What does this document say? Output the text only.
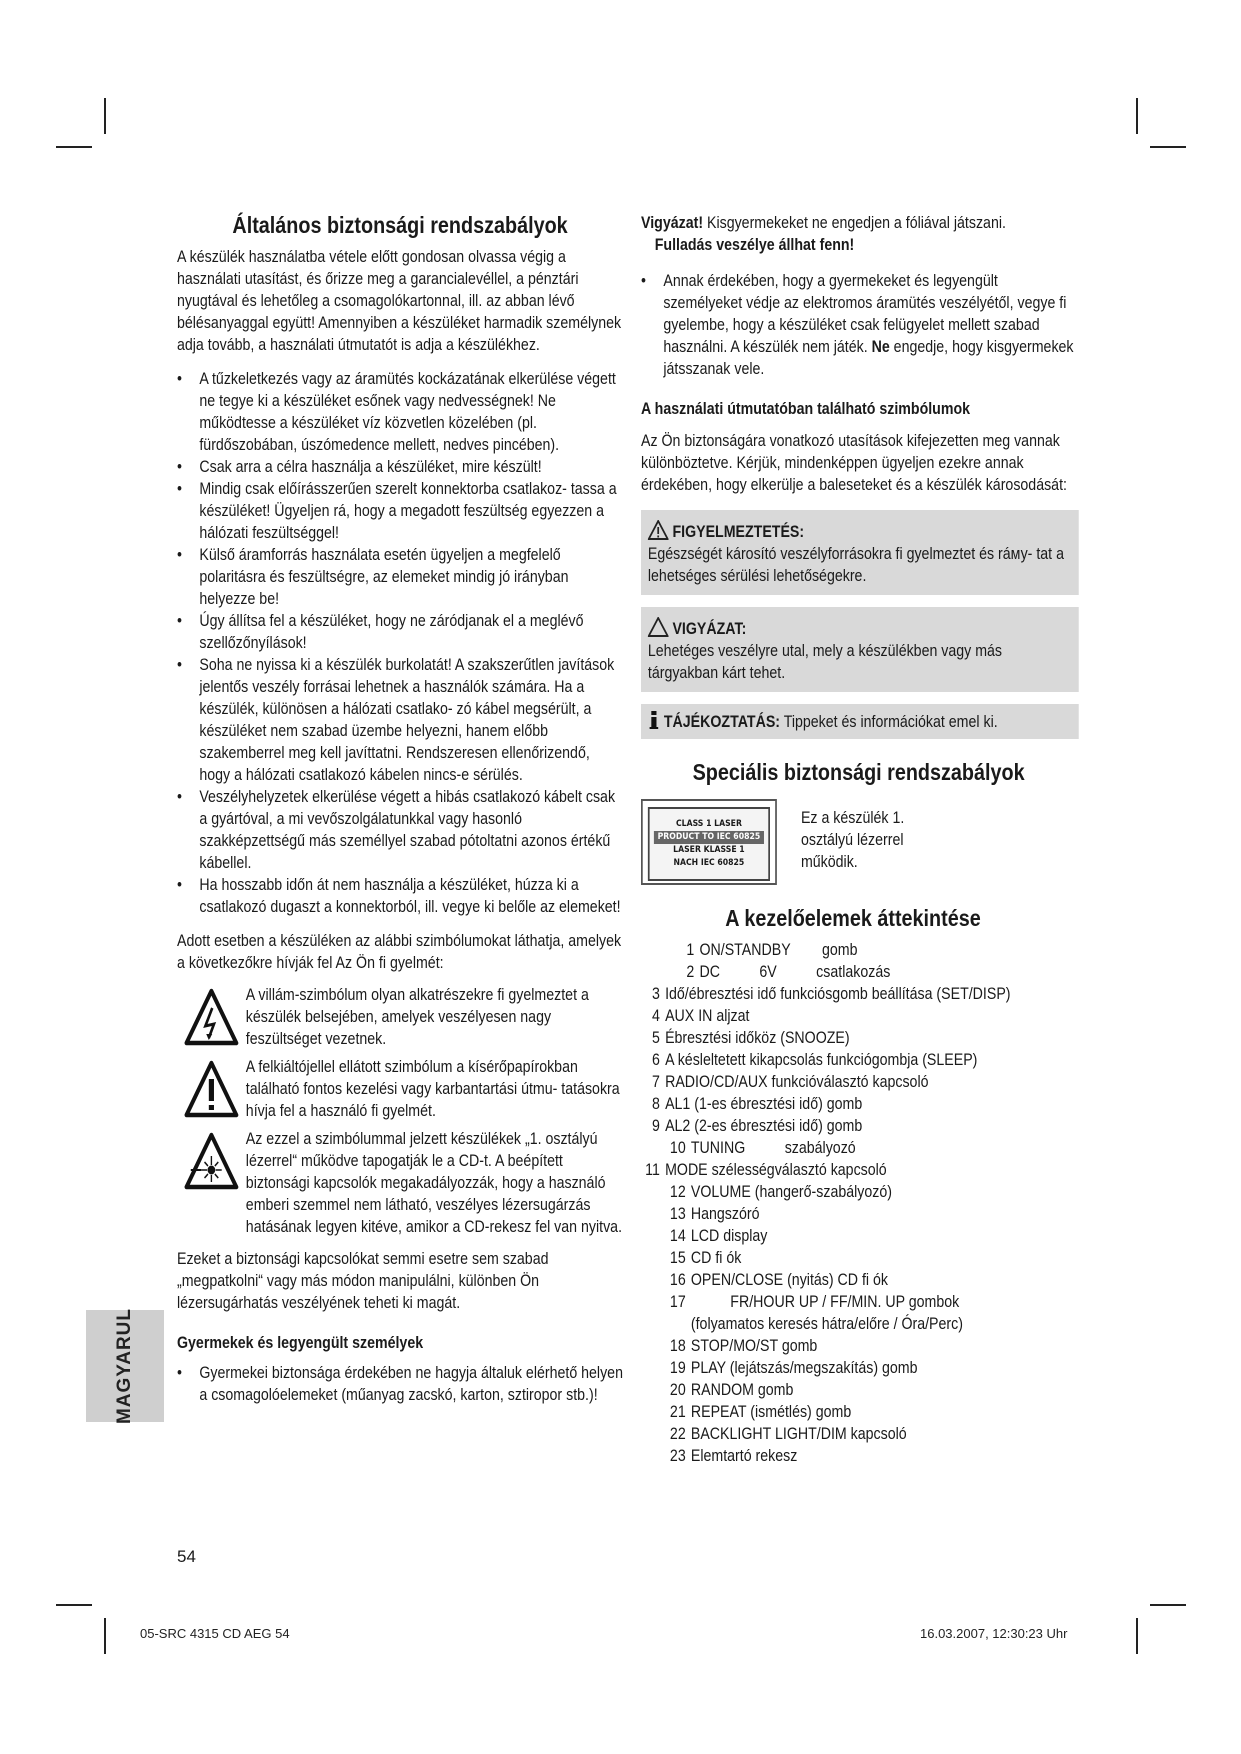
Általános biztonsági rendszabályok

A készülék használatba vétele előtt gondosan olvassa végig a használati utasítást, és őrizze meg a garancialevéllel, a pénztári nyugtával és lehetőleg a csomagolókartonnal, ill. az abban lévő bélésanyaggal együtt! Amennyiben a készüléket harmadik személynek adja tovább, a használati útmutatót is adja a készülékhez.

• A tűzkeletkezés vagy az áramütés kockázatának elkerülése végett ne tegye ki a készüléket esőnek vagy nedvességnek! Ne működtesse a készüléket víz közvetlen közelében (pl. fürdőszobában, úszómedence mellett, nedves pincében).
• Csak arra a célra használja a készüléket, mire készült!
• Mindig csak előírásszerűen szerelt konnektorba csatlakoz- tassa a készüléket! Ügyeljen rá, hogy a megadott feszültség egyezzen a hálózati feszültséggel!
• Külső áramforrás használata esetén ügyeljen a megfelelő polaritásra és feszültségre, az elemeket mindig jó irányban helyezze be!
• Úgy állítsa fel a készüléket, hogy ne záródjanak el a meglévő szellőzőnyílások!
• Soha ne nyissa ki a készülék burkolatát! A szakszerűtlen javítások jelentős veszély forrásai lehetnek a használók számára. Ha a készülék, különösen a hálózati csatlako- zó kábel megsérült, a készüléket nem szabad üzembe helyezni, hanem előbb szakemberrel meg kell javíttatni. Rendszeresen ellenőrizendő, hogy a hálózati csatlakozó kábelen nincs-e sérülés.
• Veszélyhelyzetek elkerülése végett a hibás csatlakozó kábelt csak a gyártóval, a mi vevőszolgálatunkkal vagy hasonló szakképzettségű más személlyel szabad pótoltatni azonos értékű kábellel.
• Ha hosszabb időn át nem használja a készüléket, húzza ki a csatlakozó dugaszt a konnektorból, ill. vegye ki belőle az elemeket!

Adott esetben a készüléken az alábbi szimbólumokat láthatja, amelyek a következőkre hívják fel Az Ön fi gyelmét:

A villám-szimbólum olyan alkatrészekre fi gyelmeztet a készülék belsejében, amelyek veszélyesen nagy feszültséget vezetnek.
A felkiáltójellel ellátott szimbólum a kísérőpapírokban található fontos kezelési vagy karbantartási útmu- tatásokra hívja fel a használó fi gyelmét.
Az ezzel a szimbólummal jelzett készülékek „1. osztályú lézerrel“ működve tapogatják le a CD-t. A beépített biztonsági kapcsolók megakadályozzák, hogy a használó emberi szemmel nem látható, veszélyes lézersugárzás hatásának legyen kitéve, amikor a CD-rekesz fel van nyitva.

Ezeket a biztonsági kapcsolókat semmi esetre sem szabad „megpatkolni“ vagy más módon manipulálni, különben Ön lézersugárhatás veszélyének teheti ki magát.

Gyermekek és legyengült személyek

• Gyermekei biztonsága érdekében ne hagyja általuk elérhető helyen a csomagolóelemeket (műanyag zacskó, karton, sztiropor stb.)!
54
MAGYARUL

Vigyázat! Kisgyermekeket ne engedjen a fóliával játszani.
Fulladás veszélye állhat fenn!

• Annak érdekében, hogy a gyermekeket és legyengült személyeket védje az elektromos áramütés veszélyétől, vegye fi gyelembe, hogy a készüléket csak felügyelet mellett szabad használni. A készülék nem játék. Ne engedje, hogy kisgyermekek játsszanak vele.

A használati útmutatóban található szimbólumok

Az Ön biztonságára vonatkozó utasítások kifejezetten meg vannak különböztetve. Kérjük, mindenképpen ügyeljen ezekre annak érdekében, hogy elkerülje a baleseteket és a készülék károsodását:

FIGYELMEZTETÉS:
Egészségét károsító veszélyforrásokra fi gyelmeztet és ráму- tat a lehetséges sérülési lehetőségekre.
VIGYÁZAT:
Lehetéges veszélyre utal, mely a készülékben vagy más tárgyakban kárt tehet.
TÁJÉKOZTATÁS: Tippeket és információkat emel ki.
Speciális biztonsági rendszabályok
CLASS 1 LASER
PRODUCT TO IEC 60825
LASER KLASSE 1
NACH IEC 60825
Ez a készülék 1. osztályú lézerrel működik.
A kezelőelemek áttekintése
1 ON/STANDBY        gomb
2 DC          6V          csatlakozás
3 Idő/ébresztési idő funkciósgomb beállítása (SET/DISP)
4 AUX IN aljzat
5 Ébresztési időköz (SNOOZE)
6 A késleltetett kikapcsolás funkciógombja (SLEEP)
7 RADIO/CD/AUX funkcióválasztó kapcsoló
8 AL1 (1-es ébresztési idő) gomb
9 AL2 (2-es ébresztési idő) gomb
10 TUNING          szabályozó
11 MODE szélességválasztó kapcsoló
12 VOLUME (hangerő-szabályozó)
13 Hangszóró
14 LCD display
15 CD fi ók
16 OPEN/CLOSE (nyitás) CD fi ók
17          FR/HOUR UP / FF/MIN. UP gombok
(folyamatos keresés hátra/előre / Óra/Perc)
18 STOP/MO/ST gomb
19 PLAY (lejátszás/megszakítás) gomb
20 RANDOM gomb
21 REPEAT (ismétlés) gomb
22 BACKLIGHT LIGHT/DIM kapcsoló
23 Elemtartó rekesz
05-SRC 4315 CD AEG 54	16.03.2007, 12:30:23 Uhr
